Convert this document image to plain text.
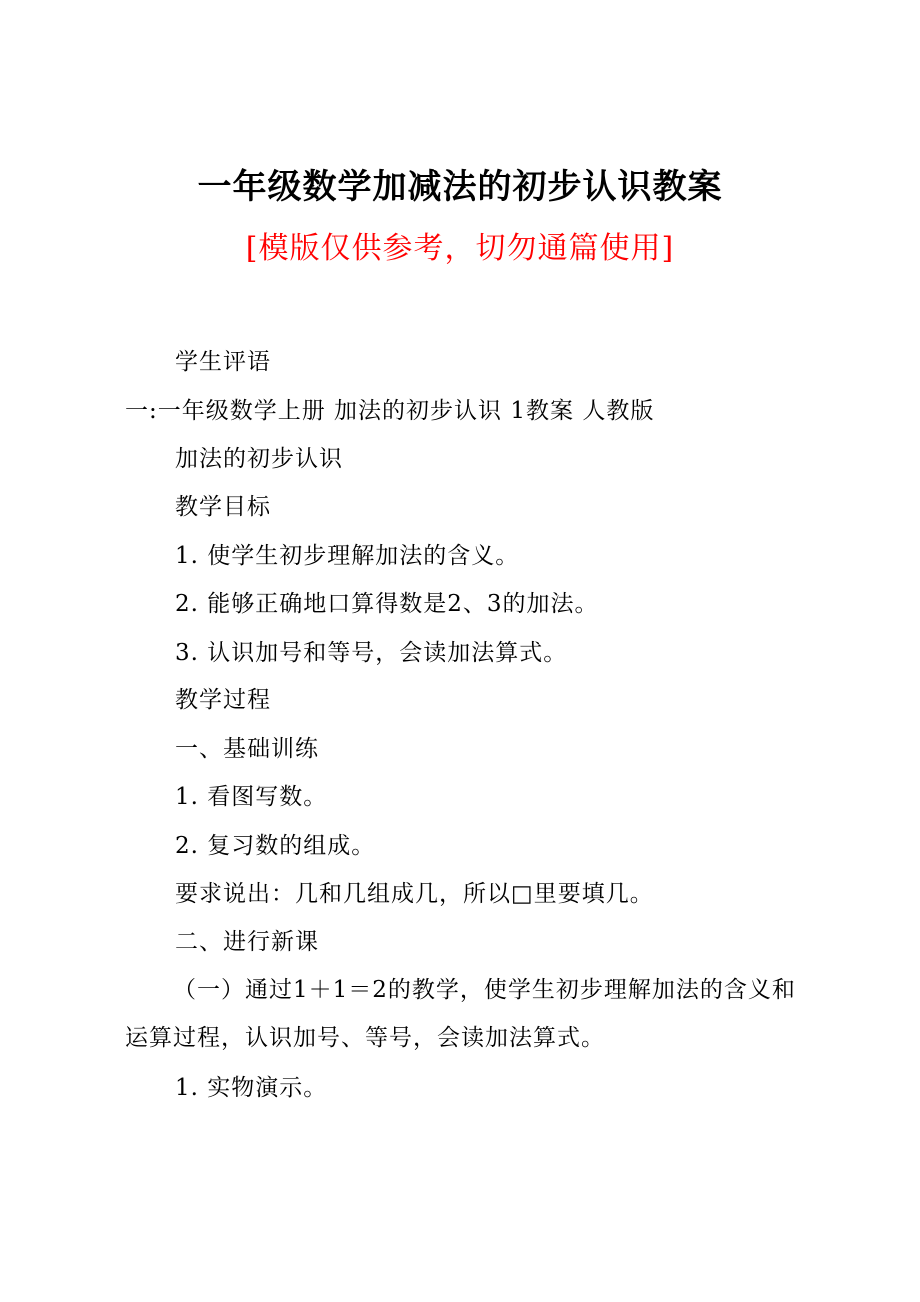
一年级数学加减法的初步认识教案
[模版仅供参考，切勿通篇使用]
学生评语
一:一年级数学上册 加法的初步认识 1教案 人教版
加法的初步认识
教学目标
1. 使学生初步理解加法的含义。
2. 能够正确地口算得数是2、3的加法。
3. 认识加号和等号，会读加法算式。
教学过程
一、基础训练
1. 看图写数。
2. 复习数的组成。
要求说出：几和几组成几，所以□里要填几。
二、进行新课
（一）通过1＋1＝2的教学，使学生初步理解加法的含义和运算过程，认识加号、等号，会读加法算式。
1. 实物演示。
